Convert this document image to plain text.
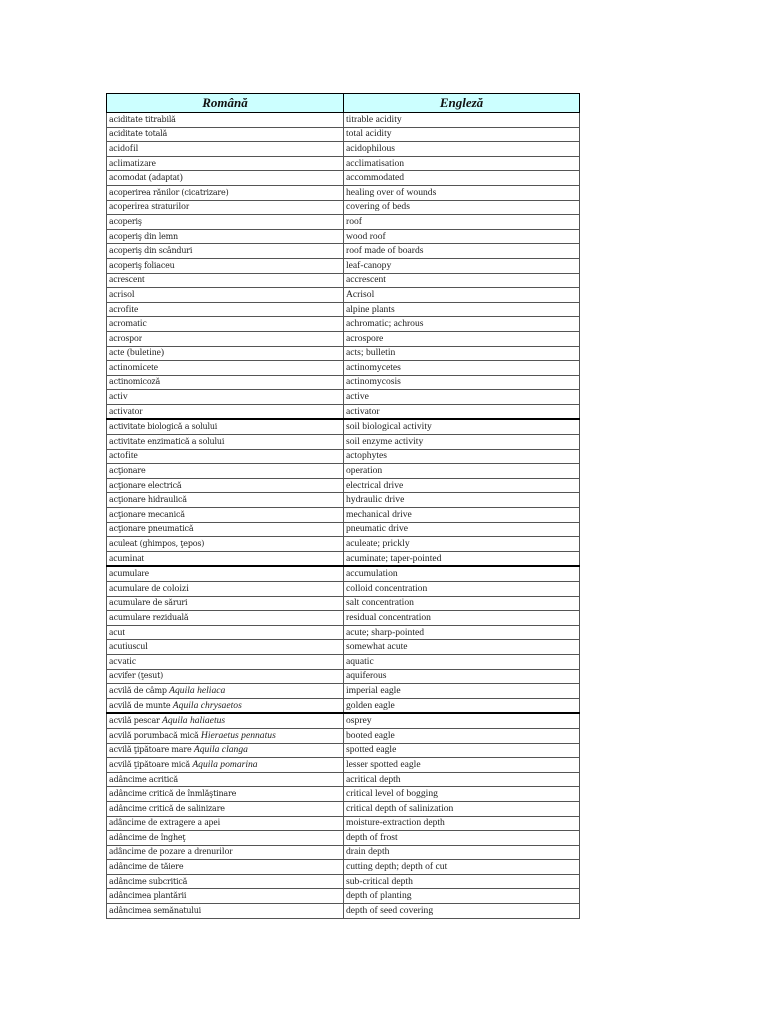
Română	Engleză
aciditate titrabilă	titrable acidity
aciditate totală	total acidity
acidofil	acidophilous
aclimatizare	acclimatisation
acomodat (adaptat)	accommodated
acoperirea rănilor (cicatrizare)	healing over of wounds
acoperirea straturilor	covering of beds
acoperiş	roof
acoperiş din lemn	wood roof
acoperiş din scânduri	roof made of boards
acoperiş foliaceu	leaf-canopy
acrescent	accrescent
acrisol	Acrisol
acrofite	alpine plants
acromatic	achromatic; achrous
acrospor	acrospore
acte (buletine)	acts; bulletin
actinomicete	actinomycetes
actinomicoză	actinomycosis
activ	active
activator	activator
activitate biologică a solului	soil biological activity
activitate enzimatică a solului	soil enzyme activity
actofite	actophytes
acţionare	operation
acţionare electrică	electrical drive
acţionare hidraulică	hydraulic drive
acţionare mecanică	mechanical drive
acţionare pneumatică	pneumatic drive
aculeat (ghimpos, ţepos)	aculeate; prickly
acuminat	acuminate; taper-pointed
acumulare	accumulation
acumulare de coloizi	colloid concentration
acumulare de săruri	salt concentration
acumulare reziduală	residual concentration
acut	acute; sharp-pointed
acutiuscul	somewhat acute
acvatic	aquatic
acvifer (ţesut)	aquiferous
acvilă de câmp Aquila heliaca	imperial eagle
acvilă de munte Aquila chrysaetos	golden eagle
acvilă pescar Aquila haliaetus	osprey
acvilă porumbacă mică Hieraetus pennatus	booted eagle
acvilă ţipătoare mare Aquila clanga	spotted eagle
acvilă ţipătoare mică Aquila pomarina	lesser spotted eagle
adâncime acritică	acritical depth
adâncime critică de înmlăştinare	critical level of bogging
adâncime critică de salinizare	critical depth of salinization
adâncime de extragere a apei	moisture-extraction depth
adâncime de îngheţ	depth of frost
adâncime de pozare a drenurilor	drain depth
adâncime de tăiere	cutting depth; depth of cut
adâncime subcritică	sub-critical depth
adâncimea plantării	depth of planting
adâncimea semănatului	depth of seed covering
